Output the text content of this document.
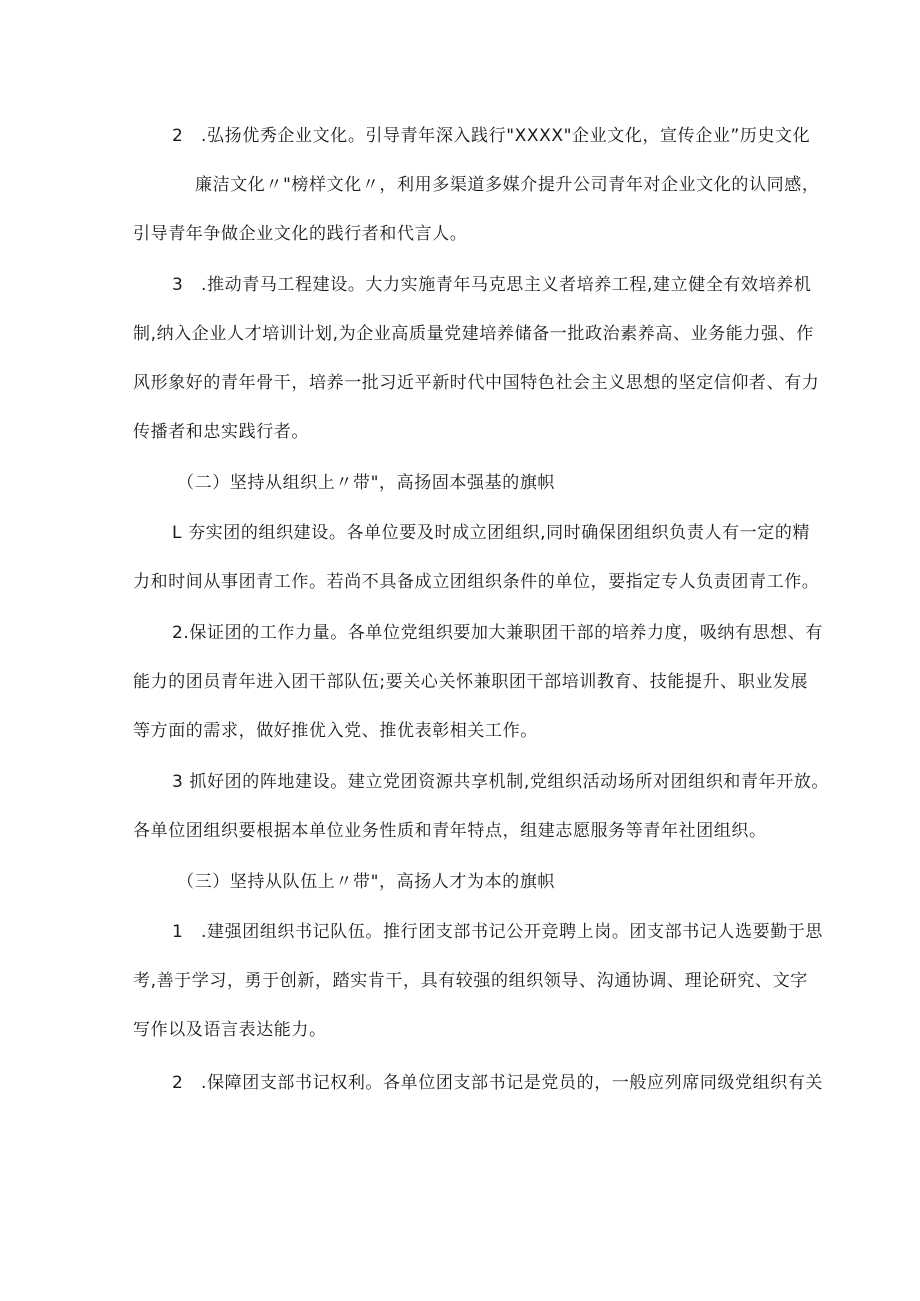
2　.弘扬优秀企业文化。引导青年深入践行"XXXX"企业文化，宣传企业”历史文化
廉洁文化〃"榜样文化〃，利用多渠道多媒介提升公司青年对企业文化的认同感，
引导青年争做企业文化的践行者和代言人。
3　.推动青马工程建设。大力实施青年马克思主义者培养工程,建立健全有效培养机
制,纳入企业人才培训计划,为企业高质量党建培养储备一批政治素养高、业务能力强、作
风形象好的青年骨干，培养一批习近平新时代中国特色社会主义思想的坚定信仰者、有力
传播者和忠实践行者。
（二）坚持从组织上〃带"，高扬固本强基的旗帜
L 夯实团的组织建设。各单位要及时成立团组织,同时确保团组织负责人有一定的精
力和时间从事团青工作。若尚不具备成立团组织条件的单位，要指定专人负责团青工作。
2.保证团的工作力量。各单位党组织要加大兼职团干部的培养力度，吸纳有思想、有
能力的团员青年进入团干部队伍;要关心关怀兼职团干部培训教育、技能提升、职业发展
等方面的需求，做好推优入党、推优表彰相关工作。
3 抓好团的阵地建设。建立党团资源共享机制,党组织活动场所对团组织和青年开放。
各单位团组织要根据本单位业务性质和青年特点，组建志愿服务等青年社团组织。
（三）坚持从队伍上〃带"，高扬人才为本的旗帜
1　.建强团组织书记队伍。推行团支部书记公开竞聘上岗。团支部书记人选要勤于思
考,善于学习，勇于创新，踏实肯干，具有较强的组织领导、沟通协调、理论研究、文字
写作以及语言表达能力。
2　.保障团支部书记权利。各单位团支部书记是党员的，一般应列席同级党组织有关
